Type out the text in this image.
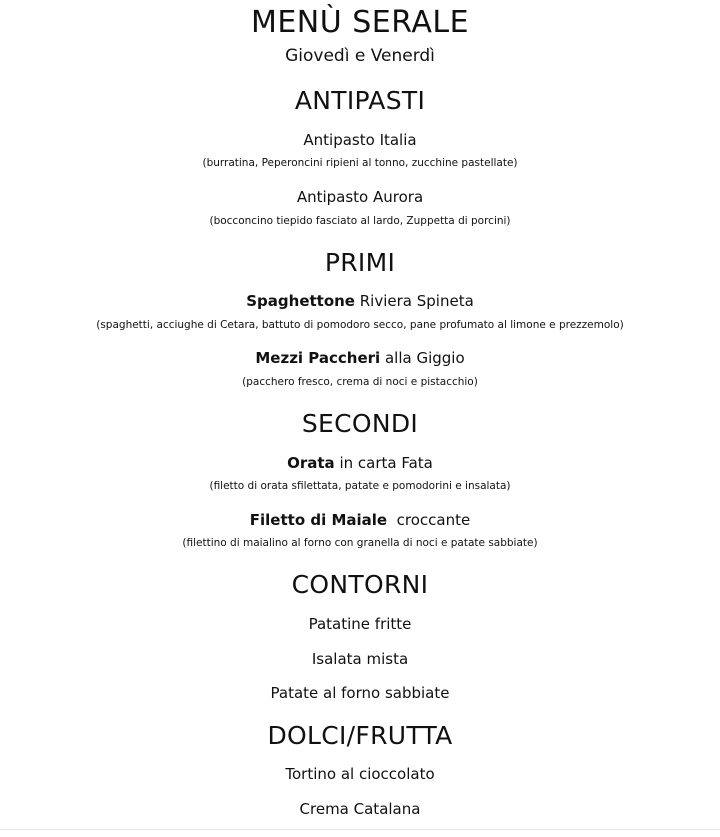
MENÙ SERALE
Giovedì e Venerdì
ANTIPASTI
Antipasto Italia
(burratina, Peperoncini ripieni al tonno, zucchine pastellate)
Antipasto Aurora
(bocconcino tiepido fasciato al lardo, Zuppetta di porcini)
PRIMI
Spaghettone Riviera Spineta
(spaghetti, acciughe di Cetara, battuto di pomodoro secco, pane profumato al limone e prezzemolo)
Mezzi Paccheri alla Giggio
(pacchero fresco, crema di noci e pistacchio)
SECONDI
Orata in carta Fata
(filetto di orata sfilettata, patate e pomodorini e insalata)
Filetto di Maiale  croccante
(filettino di maialino al forno con granella di noci e patate sabbiate)
CONTORNI
Patatine fritte
Isalata mista
Patate al forno sabbiate
DOLCI/FRUTTA
Tortino al cioccolato
Crema Catalana
